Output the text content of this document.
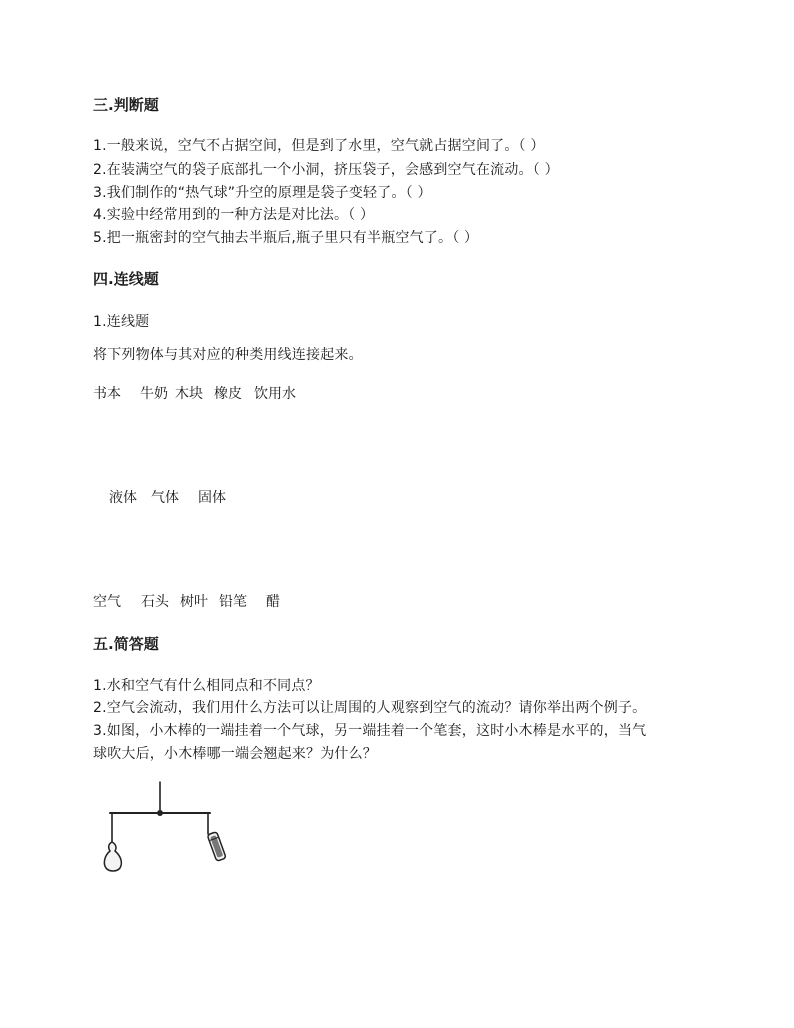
三.判断题
1.一般来说，空气不占据空间，但是到了水里，空气就占据空间了。（ ）
2.在装满空气的袋子底部扎一个小洞，挤压袋子，会感到空气在流动。（ ）
3.我们制作的“热气球”升空的原理是袋子变轻了。（ ）
4.实验中经常用到的一种方法是对比法。（ ）
5.把一瓶密封的空气抽去半瓶后,瓶子里只有半瓶空气了。（ ）
四.连线题
1.连线题
将下列物体与其对应的种类用线连接起来。
书本 牛奶 木块 橡皮 饮用水
液体 气体 固体
空气 石头 树叶 铅笔 醋
五.简答题
1.水和空气有什么相同点和不同点？
2.空气会流动，我们用什么方法可以让周围的人观察到空气的流动？请你举出两个例子。
3.如图，小木棒的一端挂着一个气球，另一端挂着一个笔套，这时小木棒是水平的，当气
球吹大后，小木棒哪一端会翘起来？为什么？
